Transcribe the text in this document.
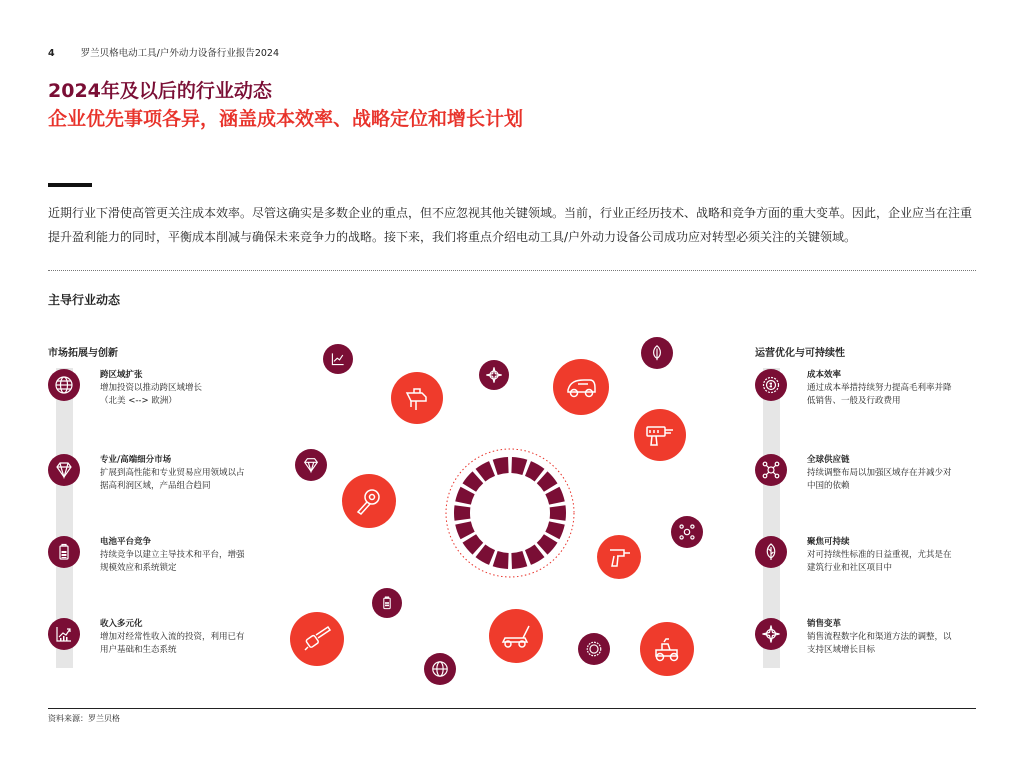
4	罗兰贝格电动工具/户外动力设备行业报告2024
2024年及以后的行业动态
企业优先事项各异，涵盖成本效率、战略定位和增长计划
近期行业下滑使高管更关注成本效率。尽管这确实是多数企业的重点，但不应忽视其他关键领域。当前，行业正经历技术、战略和竞争方面的重大变革。因此，企业应当在注重提升盈利能力的同时，平衡成本削减与确保未来竞争力的战略。接下来，我们将重点介绍电动工具/户外动力设备公司成功应对转型必须关注的关键领域。
主导行业动态
市场拓展与创新
跨区域扩张
增加投资以推动跨区域增长
（北美 <--> 欧洲）
专业/高端细分市场
扩展到高性能和专业贸易应用领域以占
据高利润区域，产品组合趋同
电池平台竞争
持续竞争以建立主导技术和平台，增强
规模效应和系统锁定
收入多元化
增加对经常性收入流的投资，利用已有
用户基础和生态系统
运营优化与可持续性
成本效率
通过成本举措持续努力提高毛利率并降
低销售、一般及行政费用
全球供应链
持续调整布局以加强区域存在并减少对
中国的依赖
聚焦可持续
对可持续性标准的日益重视，尤其是在
建筑行业和社区项目中
销售变革
销售流程数字化和渠道方法的调整，以
支持区域增长目标
资料来源：罗兰贝格
